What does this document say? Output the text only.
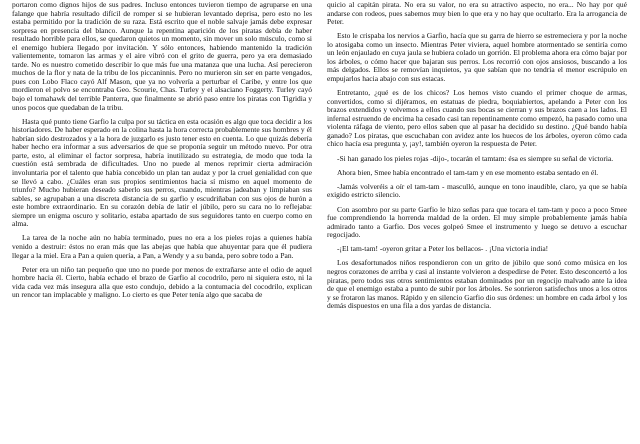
portaron como dignos hijos de sus padres. Incluso entonces tuvieron tiempo de agruparse en una falange que habría resultado difícil de romper si se hubieran levantado deprisa, pero esto no les estaba permitido por la tradición de su raza. Está escrito que el noble salvaje jamás debe expresar sorpresa en presencia del blanco. Aunque la repentina aparición de los piratas debía de haber resultado horrible para ellos, se quedaron quietos un momento, sin mover un solo músculo, como si el enemigo hubiera llegado por invitación. Y sólo entonces, habiendo mantenido la tradición valientemente, tomaron las armas y el aire vibró con el grito de guerra, pero ya era demasiado tarde. No es nuestro cometido describir lo que más fue una matanza que una lucha. Así perecieron muchos de la flor y nata de la tribu de los piccaninnis. Pero no murieron sin ser en parte vengados, pues con Lobo Flaco cayó Alf Mason, que ya no volvería a perturbar el Caribe, y entre los que mordieron el polvo se encontraba Geo. Scourie, Chas. Turley y el alsaciano Foggerty. Turley cayó bajo el tomahawk del terrible Panterra, que finalmente se abrió paso entre los piratas con Tigridia y unos pocos que quedaban de la tribu.

Hasta qué punto tiene Garfio la culpa por su táctica en esta ocasión es algo que toca decidir a los historiadores. De haber esperado en la colina hasta la hora correcta probablemente sus hombres y él habrían sido destrozados y a la hora de juzgarlo es justo tener esto en cuenta. Lo que quizás debería haber hecho era informar a sus adversarios de que se proponía seguir un método nuevo. Por otra parte, esto, al eliminar el factor sorpresa, habría inutilizado su estrategia, de modo que toda la cuestión está sembrada de dificultades. Uno no puede al menos reprimir cierta admiración involuntaria por el talento que había concebido un plan tan audaz y por la cruel genialidad con que se llevó a cabo. ¿Cuáles eran sus propios sentimientos hacia sí mismo en aquel momento de triunfo? Mucho hubieran deseado saberlo sus perros, cuando, mientras jadeaban y limpiaban sus sables, se agrupaban a una discreta distancia de su garfio y escudriñaban con sus ojos de hurón a este hombre extraordinario. En su corazón debía de latir el júbilo, pero su cara no lo reflejaba: siempre un enigma oscuro y solitario, estaba apartado de sus seguidores tanto en cuerpo como en alma.

La tarea de la noche aún no había terminado, pues no era a los pieles rojas a quienes había venido a destruir: éstos no eran más que las abejas que había que ahuyentar para que él pudiera llegar a la miel. Era a Pan a quien quería, a Pan, a Wendy y a su banda, pero sobre todo a Pan.

Peter era un niño tan pequeño que uno no puede por menos de extrañarse ante el odio de aquel hombre hacia él. Cierto, había echado el brazo de Garfio al cocodrilo, pero ni siquiera esto, ni la vida cada vez más insegura alla que esto condujo, debido a la contumacia del cocodrilo, explican un rencor tan implacable y maligno. Lo cierto es que Peter tenía algo que sacaba de

quicio al capitán pirata. No era su valor, no era su atractivo aspecto, no era... No hay por qué andarse con rodeos, pues sabemos muy bien lo que era y no hay que ocultarlo. Era la arrogancia de Peter.

Esto le crispaba los nervios a Garfio, hacía que su garra de hierro se estremeciera y por la noche lo atosigaba como un insecto. Mientras Peter viviera, aquel hombre atormentado se sentiría como un león enjaulado en cuya jaula se hubiera colado un gorrión. El problema ahora era cómo bajar por los árboles, o cómo hacer que bajaran sus perros. Los recorrió con ojos ansiosos, buscando a los más delgados. Ellos se removían inquietos, ya que sabían que no tendría el menor escrúpulo en empujarlos hacia abajo con sus estacas.

Entretanto, ¿qué es de los chicos? Los hemos visto cuando el primer choque de armas, convertidos, como si dijéramos, en estatuas de piedra, boquiabiertos, apelando a Peter con los brazos extendidos y volvemos a ellos cuando sus bocas se cierran y sus brazos caen a los lados. El infernal estruendo de encima ha cesado casi tan repentinamente como empezó, ha pasado como una violenta ráfaga de viento, pero ellos saben que al pasar ha decidido su destino. ¿Qué bando había ganado? Los piratas, que escuchaban con avidez ante los huecos de los árboles, oyeron cómo cada chico hacía esa pregunta y, ¡ay!, también oyeron la respuesta de Peter.

-Si han ganado los pieles rojas -dijo-, tocarán el tamtam: ésa es siempre su señal de victoria.

Ahora bien, Smee había encontrado el tam-tam y en ese momento estaba sentado en él.

-Jamás volveréis a oír el tam-tam - masculló, aunque en tono inaudible, claro, ya que se había exigido estricto silencio.

Con asombro por su parte Garfio le hizo señas para que tocara el tam-tam y poco a poco Smee fue comprendiendo la horrenda maldad de la orden. El muy simple probablemente jamás había admirado tanto a Garfio. Dos veces golpeó Smee el instrumento y luego se detuvo a escuchar regocijado.

-¡El tam-tam! -oyeron gritar a Peter los bellacos- . ¡Una victoria india!

Los desafortunados niños respondieron con un grito de júbilo que sonó como música en los negros corazones de arriba y casi al instante volvieron a despedirse de Peter. Esto desconcertó a los piratas, pero todos sus otros sentimientos estaban dominados por un regocijo malvado ante la idea de que el enemigo estaba a punto de subir por los árboles. Se sonrieron satisfechos unos a los otros y se frotaron las manos. Rápido y en silencio Garfio dio sus órdenes: un hombre en cada árbol y los demás dispuestos en una fila a dos yardas de distancia.
